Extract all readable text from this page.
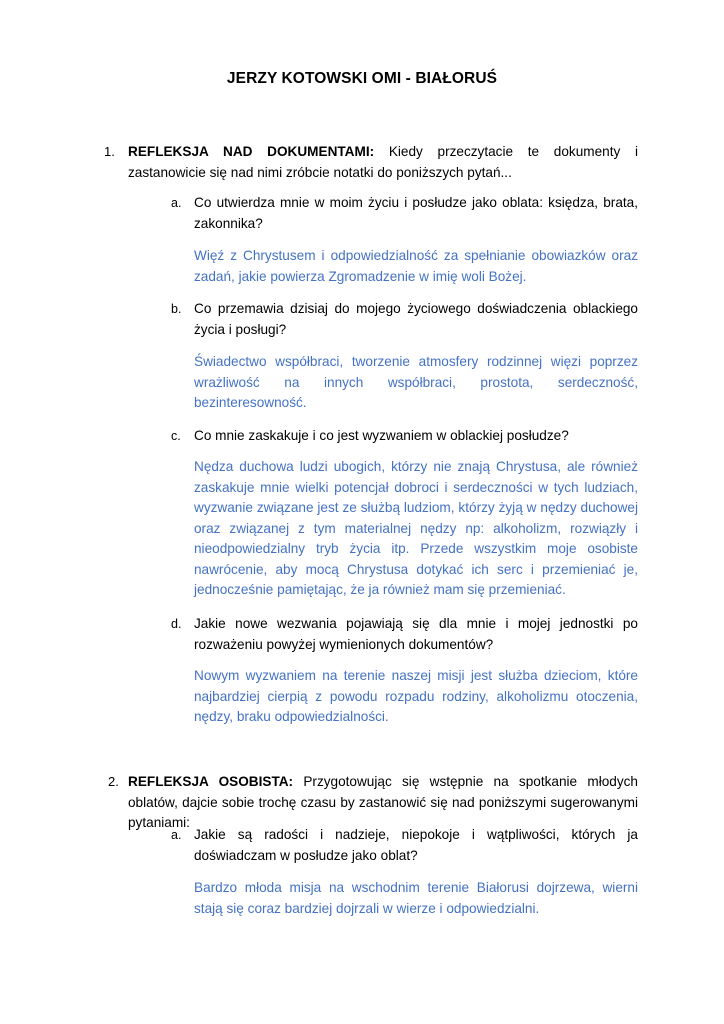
JERZY KOTOWSKI OMI - BIAŁORUŚ
1. REFLEKSJA NAD DOKUMENTAMI: Kiedy przeczytacie te dokumenty i zastanowicie się nad nimi zróbcie notatki do poniższych pytań...
a. Co utwierdza mnie w moim życiu i posłudze jako oblata: księdza, brata, zakonnika?
Więź z Chrystusem i odpowiedzialność za spełnianie obowiazków oraz zadań, jakie powierza Zgromadzenie w imię woli Bożej.
b. Co przemawia dzisiaj do mojego życiowego doświadczenia oblackiego życia i posługi?
Świadectwo współbraci, tworzenie atmosfery rodzinnej więzi poprzez wrażliwość na innych współbraci, prostota, serdeczność, bezinteresowność.
c. Co mnie zaskakuje i co jest wyzwaniem w oblackiej posłudze?
Nędza duchowa ludzi ubogich, którzy nie znają Chrystusa, ale również zaskakuje mnie wielki potencjał dobroci i serdeczności w tych ludziach, wyzwanie związane jest ze służbą ludziom, którzy żyją w nędzy duchowej oraz związanej z tym materialnej nędzy np: alkoholizm, rozwiązły i nieodpowiedzialny tryb życia itp. Przede wszystkim moje osobiste nawrócenie, aby mocą Chrystusa dotykać ich serc i przemieniać je, jednocześnie pamiętając, że ja również mam się przemieniać.
d. Jakie nowe wezwania pojawiają się dla mnie i mojej jednostki po rozważeniu powyżej wymienionych dokumentów?
Nowym wyzwaniem na terenie naszej misji jest służba dzieciom, które najbardziej cierpią z powodu rozpadu rodziny, alkoholizmu otoczenia, nędzy, braku odpowiedzialności.
2. REFLEKSJA OSOBISTA: Przygotowując się wstępnie na spotkanie młodych oblatów, dajcie sobie trochę czasu by zastanowić się nad poniższymi sugerowanymi pytaniami:
a. Jakie są radości i nadzieje, niepokoje i wątpliwości, których ja doświadczam w posłudze jako oblat?
Bardzo młoda misja na wschodnim terenie Białorusi dojrzewa, wierni stają się coraz bardziej dojrzali w wierze i odpowiedzialni.
